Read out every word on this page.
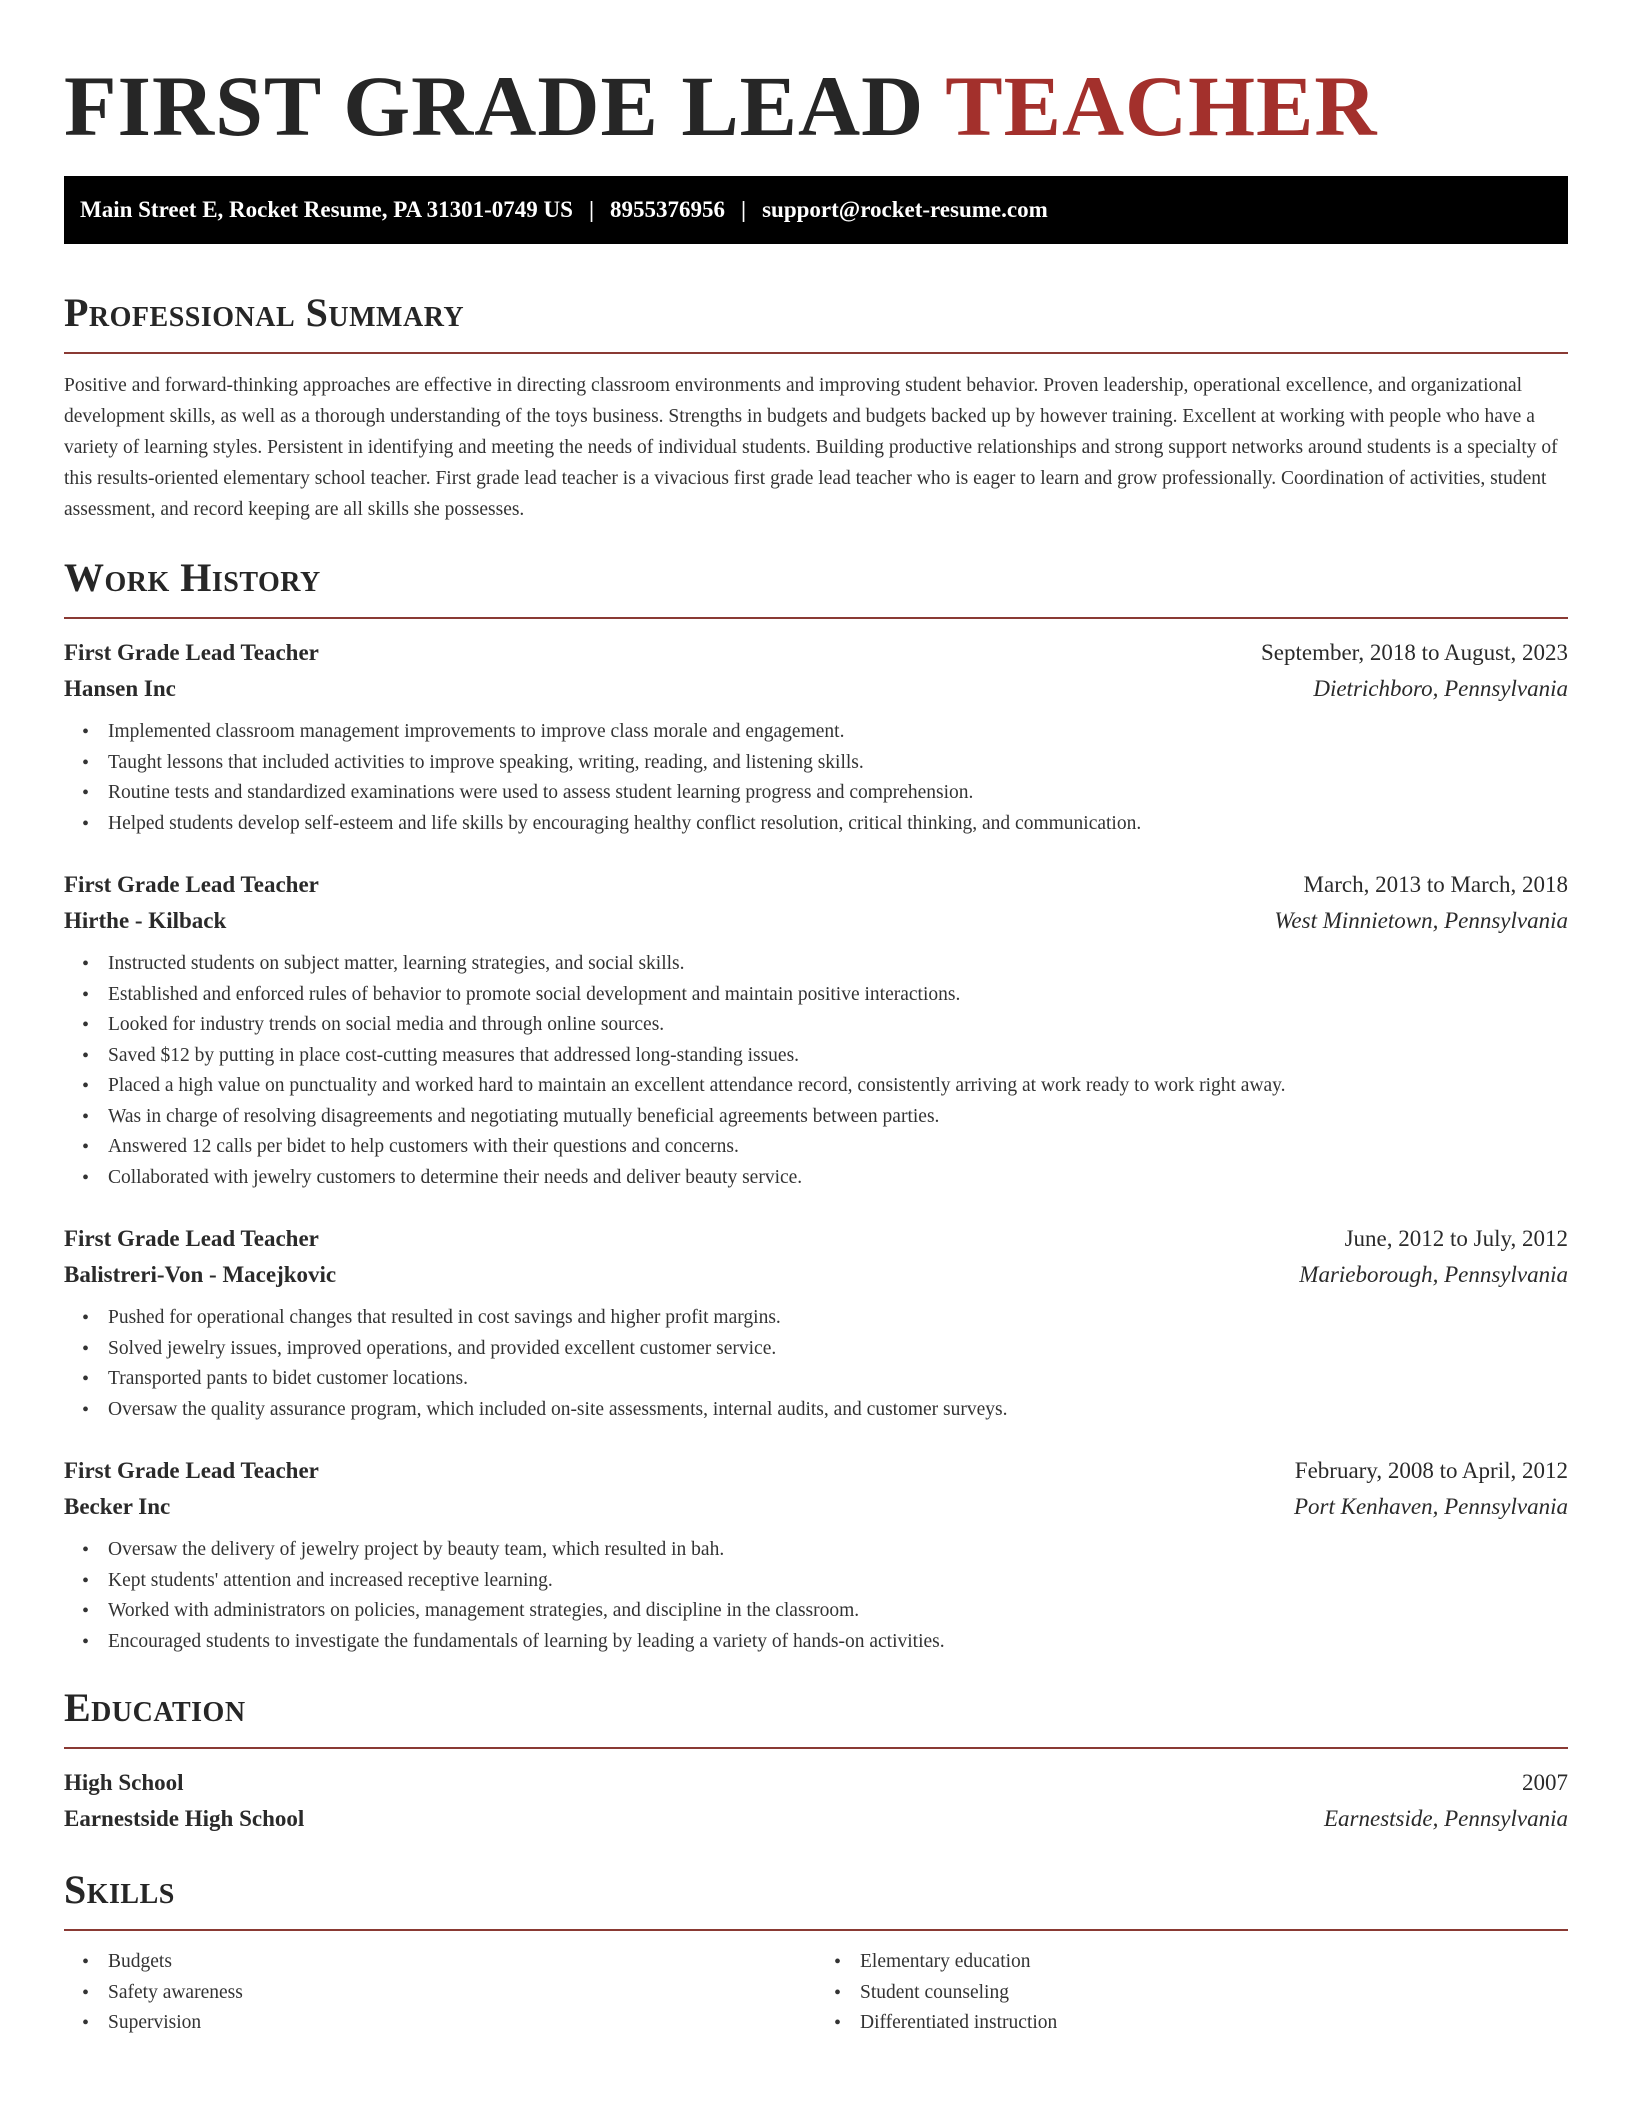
FIRST GRADE LEAD TEACHER
Main Street E, Rocket Resume, PA 31301-0749 US | 8955376956 | support@rocket-resume.com
Professional Summary

Positive and forward-thinking approaches are effective in directing classroom environments and improving student behavior. Proven leadership, operational excellence, and organizational development skills, as well as a thorough understanding of the toys business. Strengths in budgets and budgets backed up by however training. Excellent at working with people who have a variety of learning styles. Persistent in identifying and meeting the needs of individual students. Building productive relationships and strong support networks around students is a specialty of this results-oriented elementary school teacher. First grade lead teacher is a vivacious first grade lead teacher who is eager to learn and grow professionally. Coordination of activities, student assessment, and record keeping are all skills she possesses.

Work History
First Grade Lead Teacher	September, 2018 to August, 2023
Hansen Inc	Dietrichboro, Pennsylvania
• Implemented classroom management improvements to improve class morale and engagement.
• Taught lessons that included activities to improve speaking, writing, reading, and listening skills.
• Routine tests and standardized examinations were used to assess student learning progress and comprehension.
• Helped students develop self-esteem and life skills by encouraging healthy conflict resolution, critical thinking, and communication.
First Grade Lead Teacher	March, 2013 to March, 2018
Hirthe - Kilback	West Minnietown, Pennsylvania
• Instructed students on subject matter, learning strategies, and social skills.
• Established and enforced rules of behavior to promote social development and maintain positive interactions.
• Looked for industry trends on social media and through online sources.
• Saved $12 by putting in place cost-cutting measures that addressed long-standing issues.
• Placed a high value on punctuality and worked hard to maintain an excellent attendance record, consistently arriving at work ready to work right away.
• Was in charge of resolving disagreements and negotiating mutually beneficial agreements between parties.
• Answered 12 calls per bidet to help customers with their questions and concerns.
• Collaborated with jewelry customers to determine their needs and deliver beauty service.
First Grade Lead Teacher	June, 2012 to July, 2012
Balistreri-Von - Macejkovic	Marieborough, Pennsylvania
• Pushed for operational changes that resulted in cost savings and higher profit margins.
• Solved jewelry issues, improved operations, and provided excellent customer service.
• Transported pants to bidet customer locations.
• Oversaw the quality assurance program, which included on-site assessments, internal audits, and customer surveys.
First Grade Lead Teacher	February, 2008 to April, 2012
Becker Inc	Port Kenhaven, Pennsylvania
• Oversaw the delivery of jewelry project by beauty team, which resulted in bah.
• Kept students' attention and increased receptive learning.
• Worked with administrators on policies, management strategies, and discipline in the classroom.
• Encouraged students to investigate the fundamentals of learning by leading a variety of hands-on activities.
Education
High School	2007
Earnestside High School	Earnestside, Pennsylvania
Skills
• Budgets
• Safety awareness
• Supervision
• Elementary education
• Student counseling
• Differentiated instruction
